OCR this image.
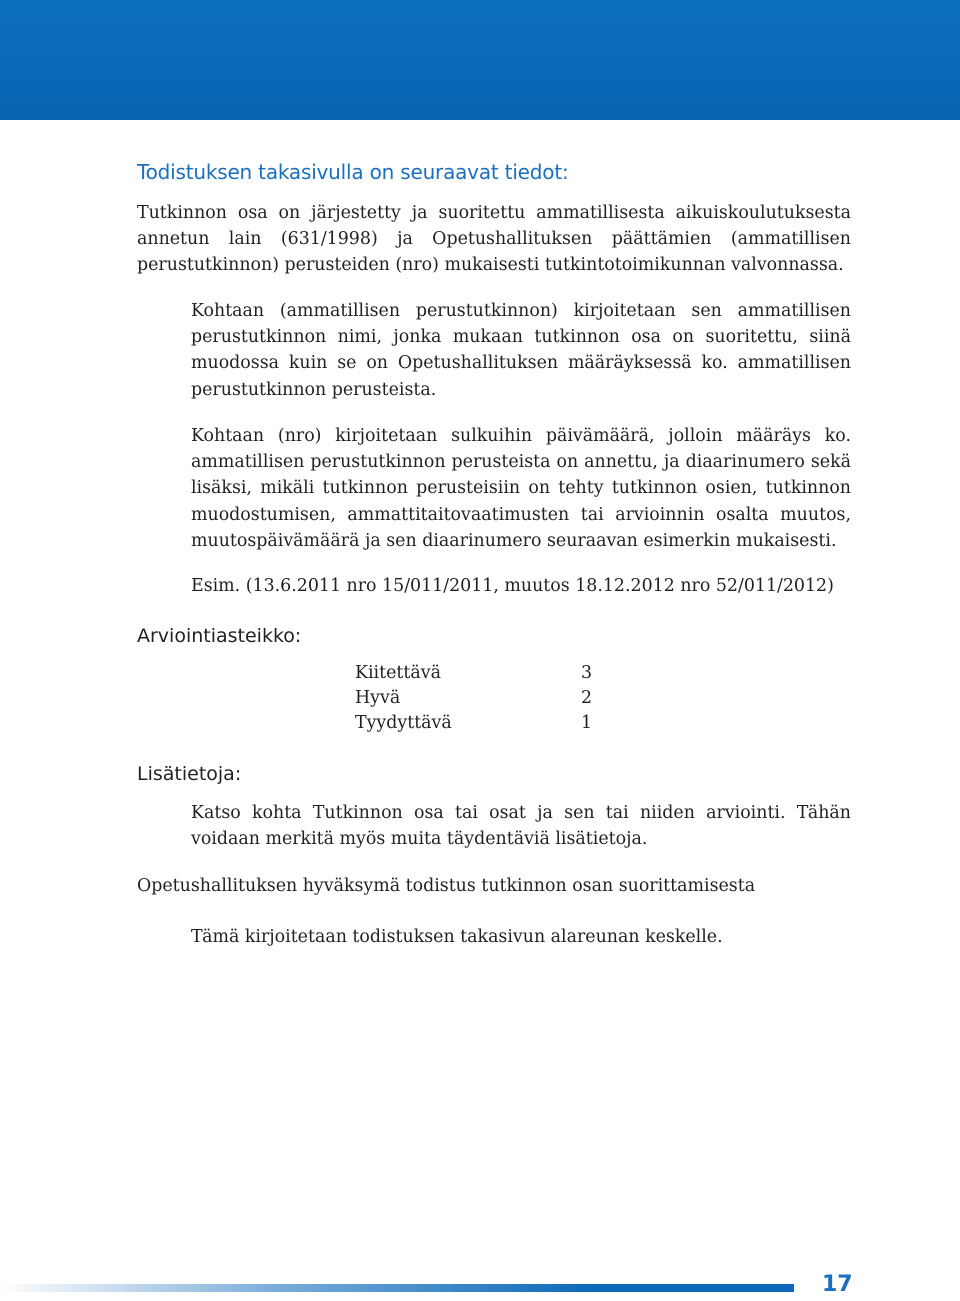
Todistuksen takasivulla on seuraavat tiedot:
Tutkinnon osa on järjestetty ja suoritettu ammatillisesta aikuiskoulutuksesta annetun lain (631/1998) ja Opetushallituksen päättämien (ammatillisen perustutkinnon) perusteiden (nro) mukaisesti tutkintotoimikunnan valvonnassa.
Kohtaan (ammatillisen perustutkinnon) kirjoitetaan sen ammatillisen perustutkinnon nimi, jonka mukaan tutkinnon osa on suoritettu, siinä muodossa kuin se on Opetushallituksen määräyksessä ko. ammatillisen perustutkinnon perusteista.
Kohtaan (nro) kirjoitetaan sulkuihin päivämäärä, jolloin määräys ko. ammatillisen perustutkinnon perusteista on annettu, ja diaarinumero sekä lisäksi, mikäli tutkinnon perusteisiin on tehty tutkinnon osien, tutkinnon muodostumisen, ammattitaitovaatimusten tai arvioinnin osalta muutos, muutospäivämäärä ja sen diaarinumero seuraavan esimerkin mukaisesti.
Esim. (13.6.2011 nro 15/011/2011, muutos 18.12.2012 nro 52/011/2012)
Arviointiasteikko:
Kiitettävä	3
Hyvä	2
Tyydyttävä	1
Lisätietoja:
Katso kohta Tutkinnon osa tai osat ja sen tai niiden arviointi. Tähän voidaan merkitä myös muita täydentäviä lisätietoja.
Opetushallituksen hyväksymä todistus tutkinnon osan suorittamisesta
Tämä kirjoitetaan todistuksen takasivun alareunan keskelle.
17
